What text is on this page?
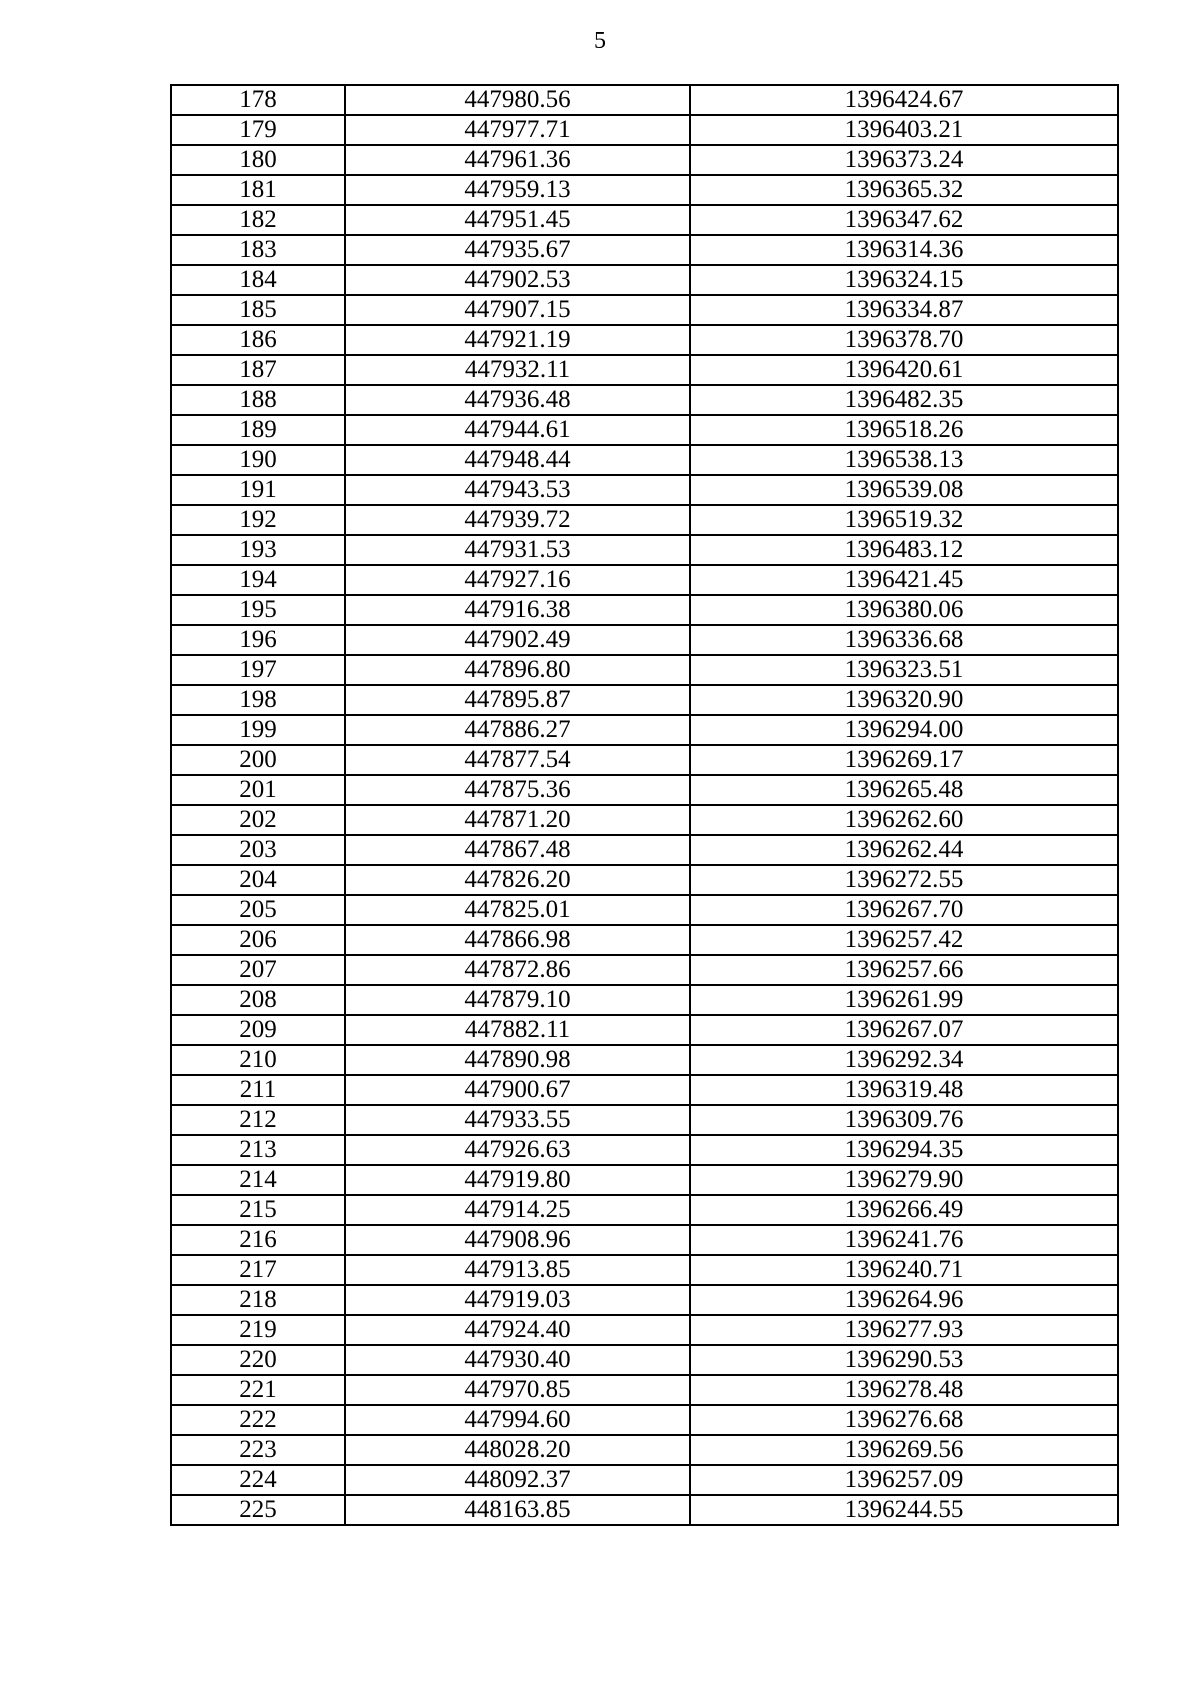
5
178	447980.56	1396424.67
179	447977.71	1396403.21
180	447961.36	1396373.24
181	447959.13	1396365.32
182	447951.45	1396347.62
183	447935.67	1396314.36
184	447902.53	1396324.15
185	447907.15	1396334.87
186	447921.19	1396378.70
187	447932.11	1396420.61
188	447936.48	1396482.35
189	447944.61	1396518.26
190	447948.44	1396538.13
191	447943.53	1396539.08
192	447939.72	1396519.32
193	447931.53	1396483.12
194	447927.16	1396421.45
195	447916.38	1396380.06
196	447902.49	1396336.68
197	447896.80	1396323.51
198	447895.87	1396320.90
199	447886.27	1396294.00
200	447877.54	1396269.17
201	447875.36	1396265.48
202	447871.20	1396262.60
203	447867.48	1396262.44
204	447826.20	1396272.55
205	447825.01	1396267.70
206	447866.98	1396257.42
207	447872.86	1396257.66
208	447879.10	1396261.99
209	447882.11	1396267.07
210	447890.98	1396292.34
211	447900.67	1396319.48
212	447933.55	1396309.76
213	447926.63	1396294.35
214	447919.80	1396279.90
215	447914.25	1396266.49
216	447908.96	1396241.76
217	447913.85	1396240.71
218	447919.03	1396264.96
219	447924.40	1396277.93
220	447930.40	1396290.53
221	447970.85	1396278.48
222	447994.60	1396276.68
223	448028.20	1396269.56
224	448092.37	1396257.09
225	448163.85	1396244.55
